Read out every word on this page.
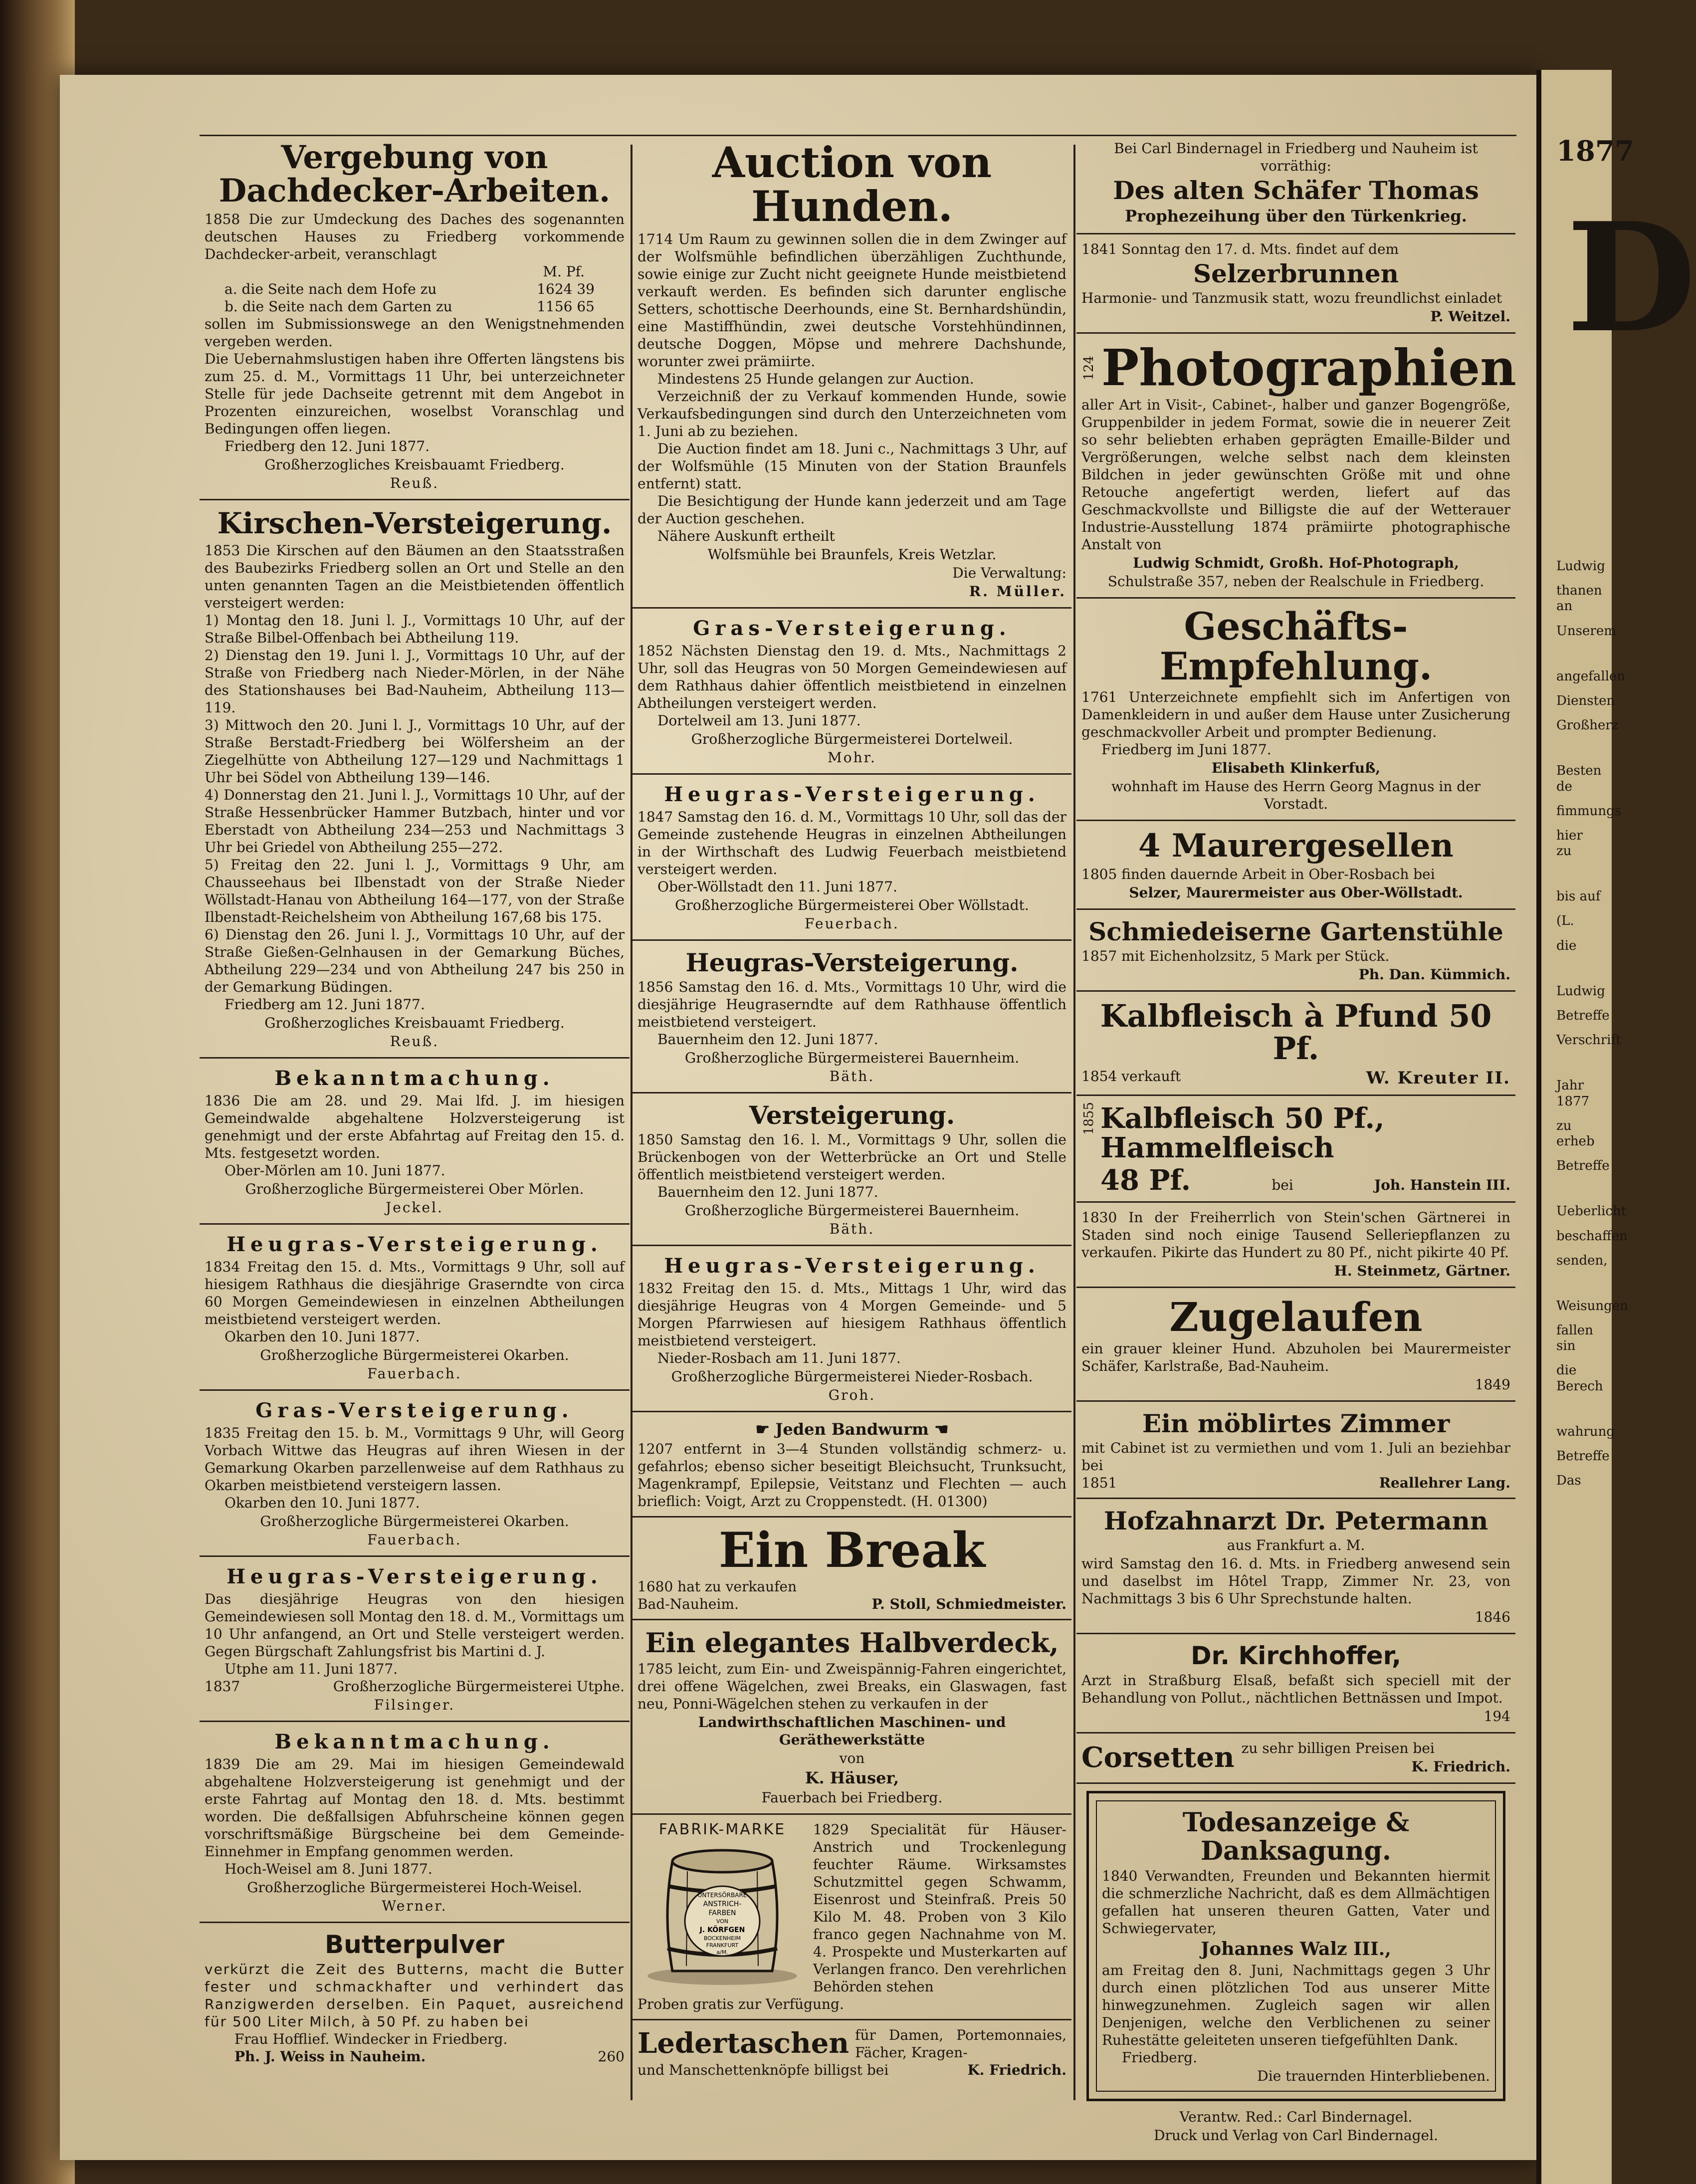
1877
D
Ludwig
thanen an
Unserem
angefallen
Diensten
Großherz
Besten de
fimmungs
hier zu
bis auf
(L.
die
Ludwig
Betreffe
Verschrift
Jahr 1877
zu erheb
Betreffe
Ueberlicht
beschaffen
senden,
Weisungen
fallen sin
die Berech
wahrung
Betreffe
Das
Vergebung von Dachdecker-Arbeiten.

1858 Die zur Umdeckung des Daches des sogenannten deutschen Hauses zu Friedberg vorkommende Dachdecker-arbeit, veranschlagt

M. Pf.
a. die Seite nach dem Hofe zu	1624 39
b. die Seite nach dem Garten zu	1156 65

sollen im Submissionswege an den Wenigstnehmenden vergeben werden.

Die Uebernahmslustigen haben ihre Offerten längstens bis zum 25. d. M., Vormittags 11 Uhr, bei unterzeichneter Stelle für jede Dachseite getrennt mit dem Angebot in Prozenten einzureichen, woselbst Voranschlag und Bedingungen offen liegen.

Friedberg den 12. Juni 1877.

Großherzogliches Kreisbauamt Friedberg.

Reuß.

Kirschen-Versteigerung.

1853 Die Kirschen auf den Bäumen an den Staatsstraßen des Baubezirks Friedberg sollen an Ort und Stelle an den unten genannten Tagen an die Meistbietenden öffentlich versteigert werden:

1) Montag den 18. Juni l. J., Vormittags 10 Uhr, auf der Straße Bilbel-Offenbach bei Abtheilung 119.

2) Dienstag den 19. Juni l. J., Vormittags 10 Uhr, auf der Straße von Friedberg nach Nieder-Mörlen, in der Nähe des Stationshauses bei Bad-Nauheim, Abtheilung 113—119.

3) Mittwoch den 20. Juni l. J., Vormittags 10 Uhr, auf der Straße Berstadt-Friedberg bei Wölfersheim an der Ziegelhütte von Abtheilung 127—129 und Nachmittags 1 Uhr bei Södel von Abtheilung 139—146.

4) Donnerstag den 21. Juni l. J., Vormittags 10 Uhr, auf der Straße Hessenbrücker Hammer Butzbach, hinter und vor Eberstadt von Abtheilung 234—253 und Nachmittags 3 Uhr bei Griedel von Abtheilung 255—272.

5) Freitag den 22. Juni l. J., Vormittags 9 Uhr, am Chausseehaus bei Ilbenstadt von der Straße Nieder Wöllstadt-Hanau von Abtheilung 164—177, von der Straße Ilbenstadt-Reichelsheim von Abtheilung 167,68 bis 175.

6) Dienstag den 26. Juni l. J., Vormittags 10 Uhr, auf der Straße Gießen-Gelnhausen in der Gemarkung Büches, Abtheilung 229—234 und von Abtheilung 247 bis 250 in der Gemarkung Büdingen.

Friedberg am 12. Juni 1877.

Großherzogliches Kreisbauamt Friedberg.

Reuß.

Bekanntmachung.

1836 Die am 28. und 29. Mai lfd. J. im hiesigen Gemeindwalde abgehaltene Holzversteigerung ist genehmigt und der erste Abfahrtag auf Freitag den 15. d. Mts. festgesetzt worden.

Ober-Mörlen am 10. Juni 1877.

Großherzogliche Bürgermeisterei Ober Mörlen.

Jeckel.

Heugras-Versteigerung.

1834 Freitag den 15. d. Mts., Vormittags 9 Uhr, soll auf hiesigem Rathhaus die diesjährige Graserndte von circa 60 Morgen Gemeindewiesen in einzelnen Abtheilungen meistbietend versteigert werden.

Okarben den 10. Juni 1877.

Großherzogliche Bürgermeisterei Okarben.

Fauerbach.

Gras-Versteigerung.

1835 Freitag den 15. b. M., Vormittags 9 Uhr, will Georg Vorbach Wittwe das Heugras auf ihren Wiesen in der Gemarkung Okarben parzellenweise auf dem Rathhaus zu Okarben meistbietend versteigern lassen.

Okarben den 10. Juni 1877.

Großherzogliche Bürgermeisterei Okarben.

Fauerbach.

Heugras-Versteigerung.

Das diesjährige Heugras von den hiesigen Gemeindewiesen soll Montag den 18. d. M., Vormittags um 10 Uhr anfangend, an Ort und Stelle versteigert werden. Gegen Bürgschaft Zahlungsfrist bis Martini d. J.

Utphe am 11. Juni 1877.

1837	Großherzogliche Bürgermeisterei Utphe.

Filsinger.

Bekanntmachung.

1839 Die am 29. Mai im hiesigen Gemeindewald abgehaltene Holzversteigerung ist genehmigt und der erste Fahrtag auf Montag den 18. d. Mts. bestimmt worden. Die deßfallsigen Abfuhrscheine können gegen vorschriftsmäßige Bürgscheine bei dem Gemeinde-Einnehmer in Empfang genommen werden.

Hoch-Weisel am 8. Juni 1877.

Großherzogliche Bürgermeisterei Hoch-Weisel.

Werner.

Butterpulver

verkürzt die Zeit des Butterns, macht die Butter fester und schmackhafter und verhindert das Ranzigwerden derselben. Ein Paquet, ausreichend für 500 Liter Milch, à 50 Pf. zu haben bei

Frau Hofflief. Windecker in Friedberg.

Ph. J. Weiss in Nauheim.	260
Auction von Hunden.

1714 Um Raum zu gewinnen sollen die in dem Zwinger auf der Wolfsmühle befindlichen überzähligen Zuchthunde, sowie einige zur Zucht nicht geeignete Hunde meistbietend verkauft werden. Es befinden sich darunter englische Setters, schottische Deerhounds, eine St. Bernhardshündin, eine Mastiffhündin, zwei deutsche Vorstehhündinnen, deutsche Doggen, Möpse und mehrere Dachshunde, worunter zwei prämiirte.

Mindestens 25 Hunde gelangen zur Auction.

Verzeichniß der zu Verkauf kommenden Hunde, sowie Verkaufsbedingungen sind durch den Unterzeichneten vom 1. Juni ab zu beziehen.

Die Auction findet am 18. Juni c., Nachmittags 3 Uhr, auf der Wolfsmühle (15 Minuten von der Station Braunfels entfernt) statt.

Die Besichtigung der Hunde kann jederzeit und am Tage der Auction geschehen.

Nähere Auskunft ertheilt

Wolfsmühle bei Braunfels, Kreis Wetzlar.

Die Verwaltung:

R. Müller.

Gras-Versteigerung.

1852 Nächsten Dienstag den 19. d. Mts., Nachmittags 2 Uhr, soll das Heugras von 50 Morgen Gemeindewiesen auf dem Rathhaus dahier öffentlich meistbietend in einzelnen Abtheilungen versteigert werden.

Dortelweil am 13. Juni 1877.

Großherzogliche Bürgermeisterei Dortelweil.

Mohr.

Heugras-Versteigerung.

1847 Samstag den 16. d. M., Vormittags 10 Uhr, soll das der Gemeinde zustehende Heugras in einzelnen Abtheilungen in der Wirthschaft des Ludwig Feuerbach meistbietend versteigert werden.

Ober-Wöllstadt den 11. Juni 1877.

Großherzogliche Bürgermeisterei Ober Wöllstadt.

Feuerbach.

Heugras-Versteigerung.

1856 Samstag den 16. d. Mts., Vormittags 10 Uhr, wird die diesjährige Heugraserndte auf dem Rathhause öffentlich meistbietend versteigert.

Bauernheim den 12. Juni 1877.

Großherzogliche Bürgermeisterei Bauernheim.

Bäth.

Versteigerung.

1850 Samstag den 16. l. M., Vormittags 9 Uhr, sollen die Brückenbogen von der Wetterbrücke an Ort und Stelle öffentlich meistbietend versteigert werden.

Bauernheim den 12. Juni 1877.

Großherzogliche Bürgermeisterei Bauernheim.

Bäth.

Heugras-Versteigerung.

1832 Freitag den 15. d. Mts., Mittags 1 Uhr, wird das diesjährige Heugras von 4 Morgen Gemeinde- und 5 Morgen Pfarrwiesen auf hiesigem Rathhaus öffentlich meistbietend versteigert.

Nieder-Rosbach am 11. Juni 1877.

Großherzogliche Bürgermeisterei Nieder-Rosbach.

Groh.

☛ Jeden Bandwurm ☚

1207 entfernt in 3—4 Stunden vollständig schmerz- u. gefahrlos; ebenso sicher beseitigt Bleichsucht, Trunksucht, Magenkrampf, Epilepsie, Veitstanz und Flechten — auch brieflich: Voigt, Arzt zu Croppenstedt. (H. 01300)

Ein Break

1680 hat zu verkaufen

Bad-Nauheim.	P. Stoll, Schmiedmeister.
Ein elegantes Halbverdeck,

1785 leicht, zum Ein- und Zweispännig-Fahren eingerichtet, drei offene Wägelchen, zwei Breaks, ein Glaswagen, fast neu, Ponni-Wägelchen stehen zu verkaufen in der

Landwirthschaftlichen Maschinen- und Geräthewerkstätte

von

K. Häuser,

Fauerbach bei Friedberg.

FABRIK-MARKE
UNTERSÖRBARE
ANSTRICH-
FARBEN
VON
J. KÖRFGEN
BOCKENHEIM
FRANKFURT
a/M.

1829 Specialität für Häuser-Anstrich und Trockenlegung feuchter Räume. Wirksamstes Schutzmittel gegen Schwamm, Eisenrost und Steinfraß. Preis 50 Kilo M. 48. Proben von 3 Kilo franco gegen Nachnahme von M. 4. Prospekte und Musterkarten auf Verlangen franco. Den verehrlichen Behörden stehen

Proben gratis zur Verfügung.

Ledertaschen für Damen, Portemonnaies, Fächer, Kragen-

und Manschettenknöpfe billigst bei	K. Friedrich.

Bei Carl Bindernagel in Friedberg und Nauheim ist vorräthig:

Des alten Schäfer Thomas

Prophezeihung über den Türkenkrieg.

1841 Sonntag den 17. d. Mts. findet auf dem

Selzerbrunnen

Harmonie- und Tanzmusik statt, wozu freundlichst einladet

P. Weitzel.

124 Photographien

aller Art in Visit-, Cabinet-, halber und ganzer Bogengröße, Gruppenbilder in jedem Format, sowie die in neuerer Zeit so sehr beliebten erhaben geprägten Emaille-Bilder und Vergrößerungen, welche selbst nach dem kleinsten Bildchen in jeder gewünschten Größe mit und ohne Retouche angefertigt werden, liefert auf das Geschmackvollste und Billigste die auf der Wetterauer Industrie-Ausstellung 1874 prämiirte photographische Anstalt von

Ludwig Schmidt, Großh. Hof-Photograph,

Schulstraße 357, neben der Realschule in Friedberg.

Geschäfts-Empfehlung.

1761 Unterzeichnete empfiehlt sich im Anfertigen von Damenkleidern in und außer dem Hause unter Zusicherung geschmackvoller Arbeit und prompter Bedienung.

Friedberg im Juni 1877.

Elisabeth Klinkerfuß,

wohnhaft im Hause des Herrn Georg Magnus in der Vorstadt.

4 Maurergesellen

1805 finden dauernde Arbeit in Ober-Rosbach bei

Selzer, Maurermeister aus Ober-Wöllstadt.

Schmiedeiserne Gartenstühle

1857 mit Eichenholzsitz, 5 Mark per Stück.

Ph. Dan. Kümmich.

Kalbfleisch à Pfund 50 Pf.
1854 verkauft	W. Kreuter II.
1855 Kalbfleisch 50 Pf., Hammelfleisch
48 Pf.	bei	Joh. Hanstein III.

1830 In der Freiherrlich von Stein'schen Gärtnerei in Staden sind noch einige Tausend Selleriepflanzen zu verkaufen. Pikirte das Hundert zu 80 Pf., nicht pikirte 40 Pf.

H. Steinmetz, Gärtner.

Zugelaufen

ein grauer kleiner Hund. Abzuholen bei Maurermeister Schäfer, Karlstraße, Bad-Nauheim.

1849

Ein möblirtes Zimmer

mit Cabinet ist zu vermiethen und vom 1. Juli an beziehbar bei

1851	Reallehrer Lang.
Hofzahnarzt Dr. Petermann

aus Frankfurt a. M.

wird Samstag den 16. d. Mts. in Friedberg anwesend sein und daselbst im Hôtel Trapp, Zimmer Nr. 23, von Nachmittags 3 bis 6 Uhr Sprechstunde halten.

1846

Dr. Kirchhoffer,

Arzt in Straßburg Elsaß, befaßt sich speciell mit der Behandlung von Pollut., nächtlichen Bettnässen und Impot.

194

Corsetten zu sehr billigen Preisen bei

K. Friedrich.

Todesanzeige & Danksagung.

1840 Verwandten, Freunden und Bekannten hiermit die schmerzliche Nachricht, daß es dem Allmächtigen gefallen hat unseren theuren Gatten, Vater und Schwiegervater,

Johannes Walz III.,

am Freitag den 8. Juni, Nachmittags gegen 3 Uhr durch einen plötzlichen Tod aus unserer Mitte hinwegzunehmen. Zugleich sagen wir allen Denjenigen, welche den Verblichenen zu seiner Ruhestätte geleiteten unseren tiefgefühlten Dank.

Friedberg.

Die trauernden Hinterbliebenen.

Verantw. Red.: Carl Bindernagel.
Druck und Verlag von Carl Bindernagel.
